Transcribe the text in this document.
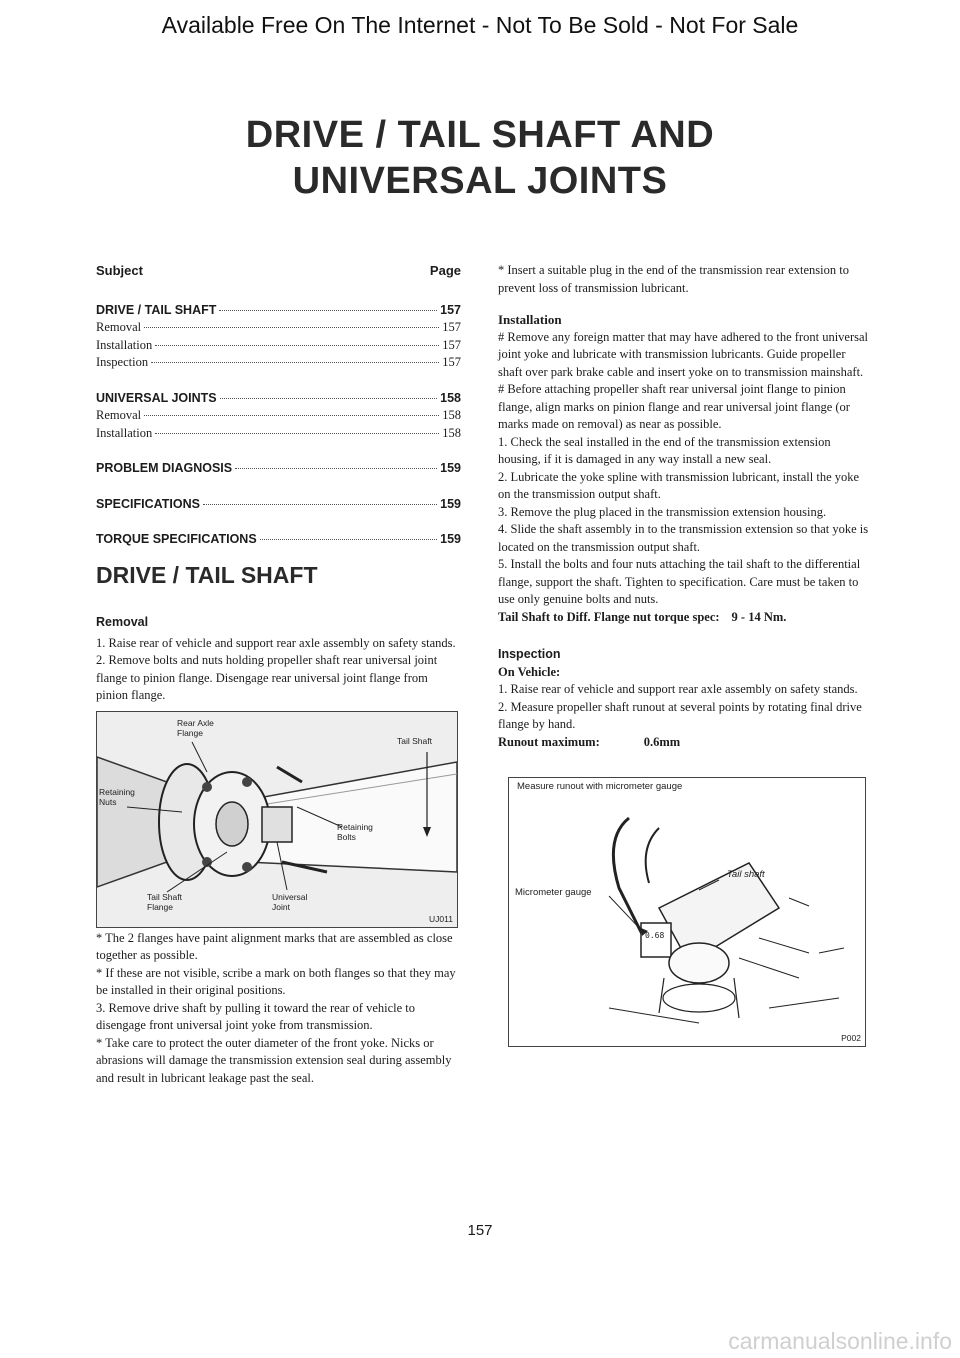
Available Free On The Internet - Not To Be Sold - Not For Sale
DRIVE / TAIL SHAFT AND
UNIVERSAL JOINTS
Subject	Page
DRIVE / TAIL SHAFT	157
Removal	157
Installation	157
Inspection	157
UNIVERSAL JOINTS	158
Removal	158
Installation	158
PROBLEM DIAGNOSIS	159
SPECIFICATIONS	159
TORQUE SPECIFICATIONS	159
DRIVE / TAIL SHAFT
Removal

1. Raise rear of vehicle and support rear axle assembly on safety stands.

2. Remove bolts and nuts holding propeller shaft rear universal joint flange to pinion flange. Disengage rear universal joint flange from pinion flange.

Rear Axle Flange
Tail Shaft
Retaining Nuts
Retaining Bolts
Tail Shaft Flange
Universal Joint
UJ011

* The 2 flanges have paint alignment marks that are assembled as close together as possible.

* If these are not visible, scribe a mark on both flanges so that they may be installed in their original positions.

3. Remove drive shaft by pulling it toward the rear of vehicle to disengage front universal joint yoke from transmission.

* Take care to protect the outer diameter of the front yoke. Nicks or abrasions will damage the transmission extension seal during assembly and result in lubricant leakage past the seal.

* Insert a suitable plug in the end of the transmission rear extension to prevent loss of transmission lubricant.

Installation

# Remove any foreign matter that may have adhered to the front universal joint yoke and lubricate with transmission lubricants. Guide propeller shaft over park brake cable and insert yoke on to transmission mainshaft.

# Before attaching propeller shaft rear universal joint flange to pinion flange, align marks on pinion flange and rear universal joint flange (or marks made on removal) as near as possible.

1. Check the seal installed in the end of the transmission extension housing, if it is damaged in any way install a new seal.

2. Lubricate the yoke spline with transmission lubricant, install the yoke on the transmission output shaft.

3. Remove the plug placed in the transmission extension housing.

4. Slide the shaft assembly in to the transmission extension so that yoke is located on the transmission output shaft.

5. Install the bolts and four nuts attaching the tail shaft to the differential flange, support the shaft. Tighten to specification. Care must be taken to use only genuine bolts and nuts.

Tail Shaft to Diff. Flange nut torque spec: 9 - 14 Nm.
Inspection
On Vehicle:

1. Raise rear of vehicle and support rear axle assembly on safety stands.

2. Measure propeller shaft runout at several points by rotating final drive flange by hand.

Runout maximum:	0.6mm
0.68
Measure runout with micrometer gauge
Tail shaft
Micrometer gauge
P002
157
carmanualsonline.info
